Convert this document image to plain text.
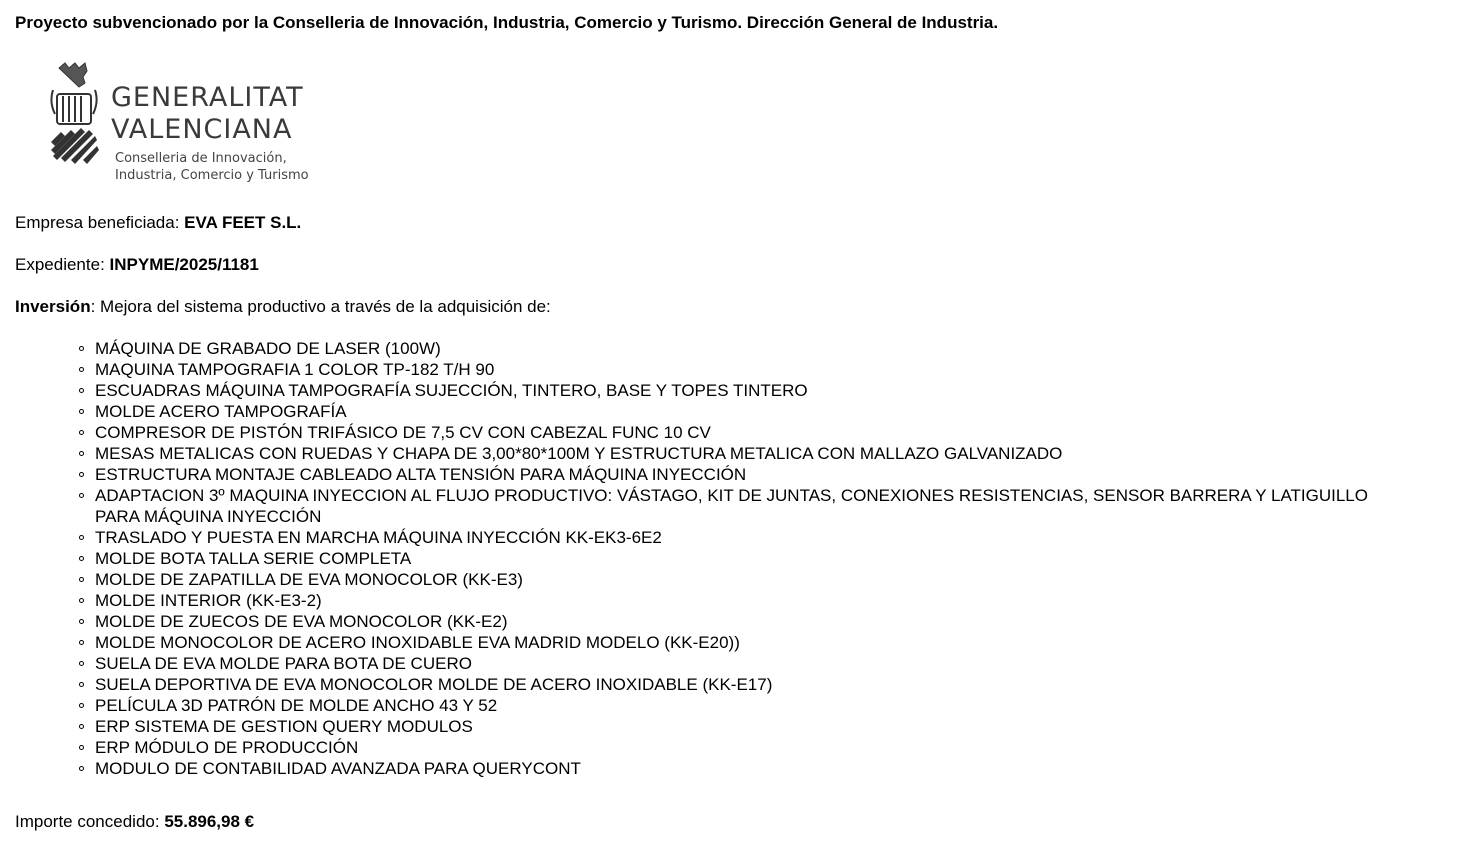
Proyecto subvencionado por la Conselleria de Innovación, Industria, Comercio y Turismo. Dirección General de Industria.

GENERALITAT
VALENCIANA
Conselleria de Innovación,
Industria, Comercio y Turismo

Empresa beneficiada: EVA FEET S.L.

Expediente: INPYME/2025/1181

Inversión: Mejora del sistema productivo a través de la adquisición de:

MÁQUINA DE GRABADO DE LASER (100W)
MAQUINA TAMPOGRAFIA 1 COLOR TP-182 T/H 90
ESCUADRAS MÁQUINA TAMPOGRAFÍA SUJECCIÓN, TINTERO, BASE Y TOPES TINTERO
MOLDE ACERO TAMPOGRAFÍA
COMPRESOR DE PISTÓN TRIFÁSICO DE 7,5 CV CON CABEZAL FUNC 10 CV
MESAS METALICAS CON RUEDAS Y CHAPA DE 3,00*80*100M Y ESTRUCTURA METALICA CON MALLAZO GALVANIZADO
ESTRUCTURA MONTAJE CABLEADO ALTA TENSIÓN PARA MÁQUINA INYECCIÓN
ADAPTACION 3º MAQUINA INYECCION AL FLUJO PRODUCTIVO: VÁSTAGO, KIT DE JUNTAS, CONEXIONES RESISTENCIAS, SENSOR BARRERA Y LATIGUILLO PARA MÁQUINA INYECCIÓN
TRASLADO Y PUESTA EN MARCHA MÁQUINA INYECCIÓN KK-EK3-6E2
MOLDE BOTA TALLA SERIE COMPLETA
MOLDE DE ZAPATILLA DE EVA MONOCOLOR (KK-E3)
MOLDE INTERIOR (KK-E3-2)
MOLDE DE ZUECOS DE EVA MONOCOLOR (KK-E2)
MOLDE MONOCOLOR DE ACERO INOXIDABLE EVA MADRID MODELO (KK-E20))
SUELA DE EVA MOLDE PARA BOTA DE CUERO
SUELA DEPORTIVA DE EVA MONOCOLOR MOLDE DE ACERO INOXIDABLE (KK-E17)
PELÍCULA 3D PATRÓN DE MOLDE ANCHO 43 Y 52
ERP SISTEMA DE GESTION QUERY MODULOS
ERP MÓDULO DE PRODUCCIÓN
MODULO DE CONTABILIDAD AVANZADA PARA QUERYCONT

Importe concedido: 55.896,98 €
